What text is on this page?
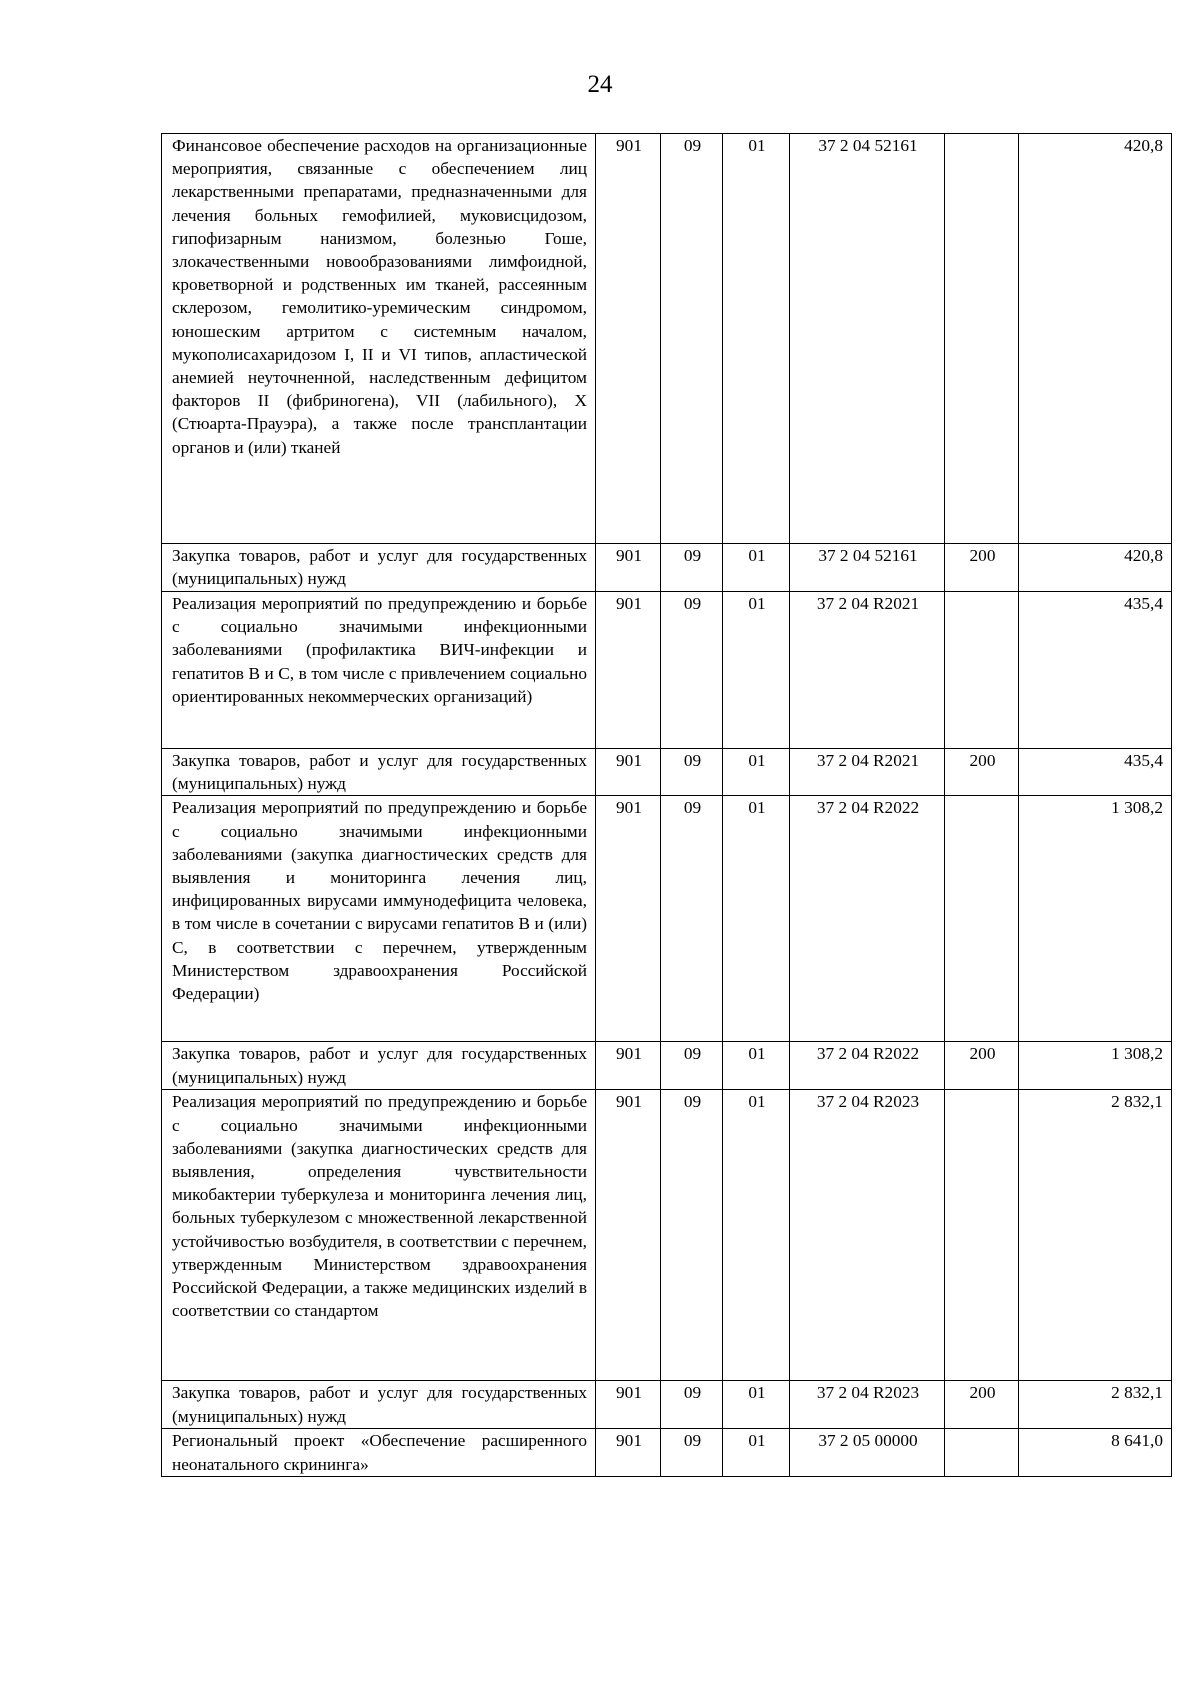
24
Финансовое обеспечение расходов на организационные мероприятия, связанные с обеспечением лиц лекарственными препаратами, предназначенными для лечения больных гемофилией, муковисцидозом, гипофизарным нанизмом, болезнью Гоше, злокачественными новообразованиями лимфоидной, кроветворной и родственных им тканей, рассеянным склерозом, гемолитико-уремическим синдромом, юношеским артритом с системным началом, мукополисахаридозом I, II и VI типов, апластической анемией неуточненной, наследственным дефицитом факторов II (фибриногена), VII (лабильного), X (Стюарта-Прауэра), а также после трансплантации органов и (или) тканей	901	09	01	37 2 04 52161		420,8
Закупка товаров, работ и услуг для государственных (муниципальных) нужд	901	09	01	37 2 04 52161	200	420,8
Реализация мероприятий по предупреждению и борьбе с социально значимыми инфекционными заболеваниями (профилактика ВИЧ-инфекции и гепатитов B и C, в том числе с привлечением социально ориентированных некоммерческих организаций)	901	09	01	37 2 04 R2021		435,4
Закупка товаров, работ и услуг для государственных (муниципальных) нужд	901	09	01	37 2 04 R2021	200	435,4
Реализация мероприятий по предупреждению и борьбе с социально значимыми инфекционными заболеваниями (закупка диагностических средств для выявления и мониторинга лечения лиц, инфицированных вирусами иммунодефицита человека, в том числе в сочетании с вирусами гепатитов B и (или) C, в соответствии с перечнем, утвержденным Министерством здравоохранения Российской Федерации)	901	09	01	37 2 04 R2022		1 308,2
Закупка товаров, работ и услуг для государственных (муниципальных) нужд	901	09	01	37 2 04 R2022	200	1 308,2
Реализация мероприятий по предупреждению и борьбе с социально значимыми инфекционными заболеваниями (закупка диагностических средств для выявления, определения чувствительности микобактерии туберкулеза и мониторинга лечения лиц, больных туберкулезом с множественной лекарственной устойчивостью возбудителя, в соответствии с перечнем, утвержденным Министерством здравоохранения Российской Федерации, а также медицинских изделий в соответствии со стандартом	901	09	01	37 2 04 R2023		2 832,1
Закупка товаров, работ и услуг для государственных (муниципальных) нужд	901	09	01	37 2 04 R2023	200	2 832,1
Региональный проект «Обеспечение расширенного неонатального скрининга»	901	09	01	37 2 05 00000		8 641,0
